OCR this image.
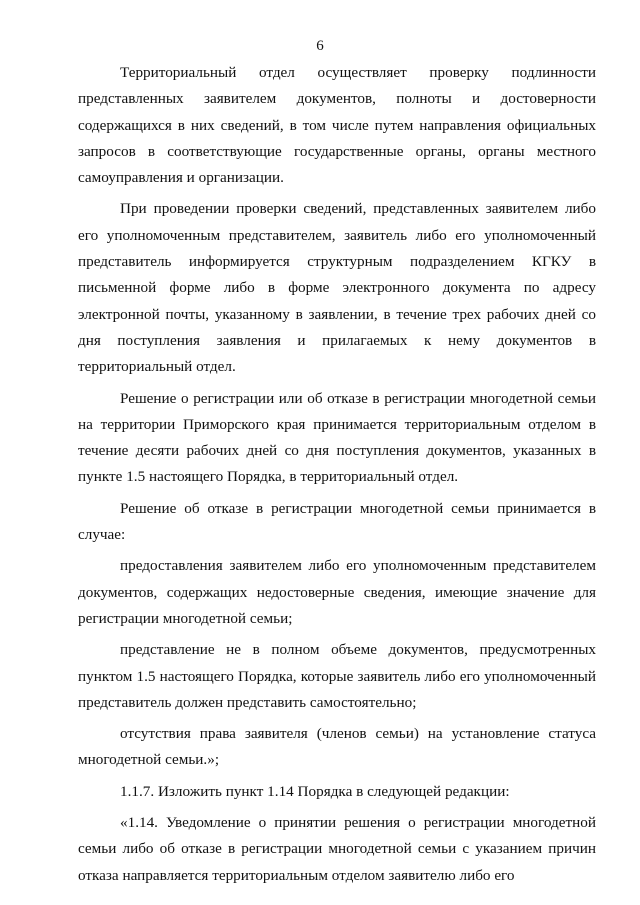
6

Территориальный отдел осуществляет проверку подлинности представленных заявителем документов, полноты и достоверности содержащихся в них сведений, в том числе путем направления официальных запросов в соответствующие государственные органы, органы местного самоуправления и организации.

При проведении проверки сведений, представленных заявителем либо его уполномоченным представителем, заявитель либо его уполномоченный представитель информируется структурным подразделением КГКУ в письменной форме либо в форме электронного документа по адресу электронной почты, указанному в заявлении, в течение трех рабочих дней со дня поступления заявления и прилагаемых к нему документов в территориальный отдел.

Решение о регистрации или об отказе в регистрации многодетной семьи на территории Приморского края принимается территориальным отделом в течение десяти рабочих дней со дня поступления документов, указанных в пункте 1.5 настоящего Порядка, в территориальный отдел.

Решение об отказе в регистрации многодетной семьи принимается в случае:

предоставления заявителем либо его уполномоченным представителем документов, содержащих недостоверные сведения, имеющие значение для регистрации многодетной семьи;

представление не в полном объеме документов, предусмотренных пунктом 1.5 настоящего Порядка, которые заявитель либо его уполномоченный представитель должен представить самостоятельно;

отсутствия права заявителя (членов семьи) на установление статуса многодетной семьи.»;

1.1.7. Изложить пункт 1.14 Порядка в следующей редакции:

«1.14. Уведомление о принятии решения о регистрации многодетной семьи либо об отказе в регистрации многодетной семьи с указанием причин отказа направляется территориальным отделом заявителю либо его
